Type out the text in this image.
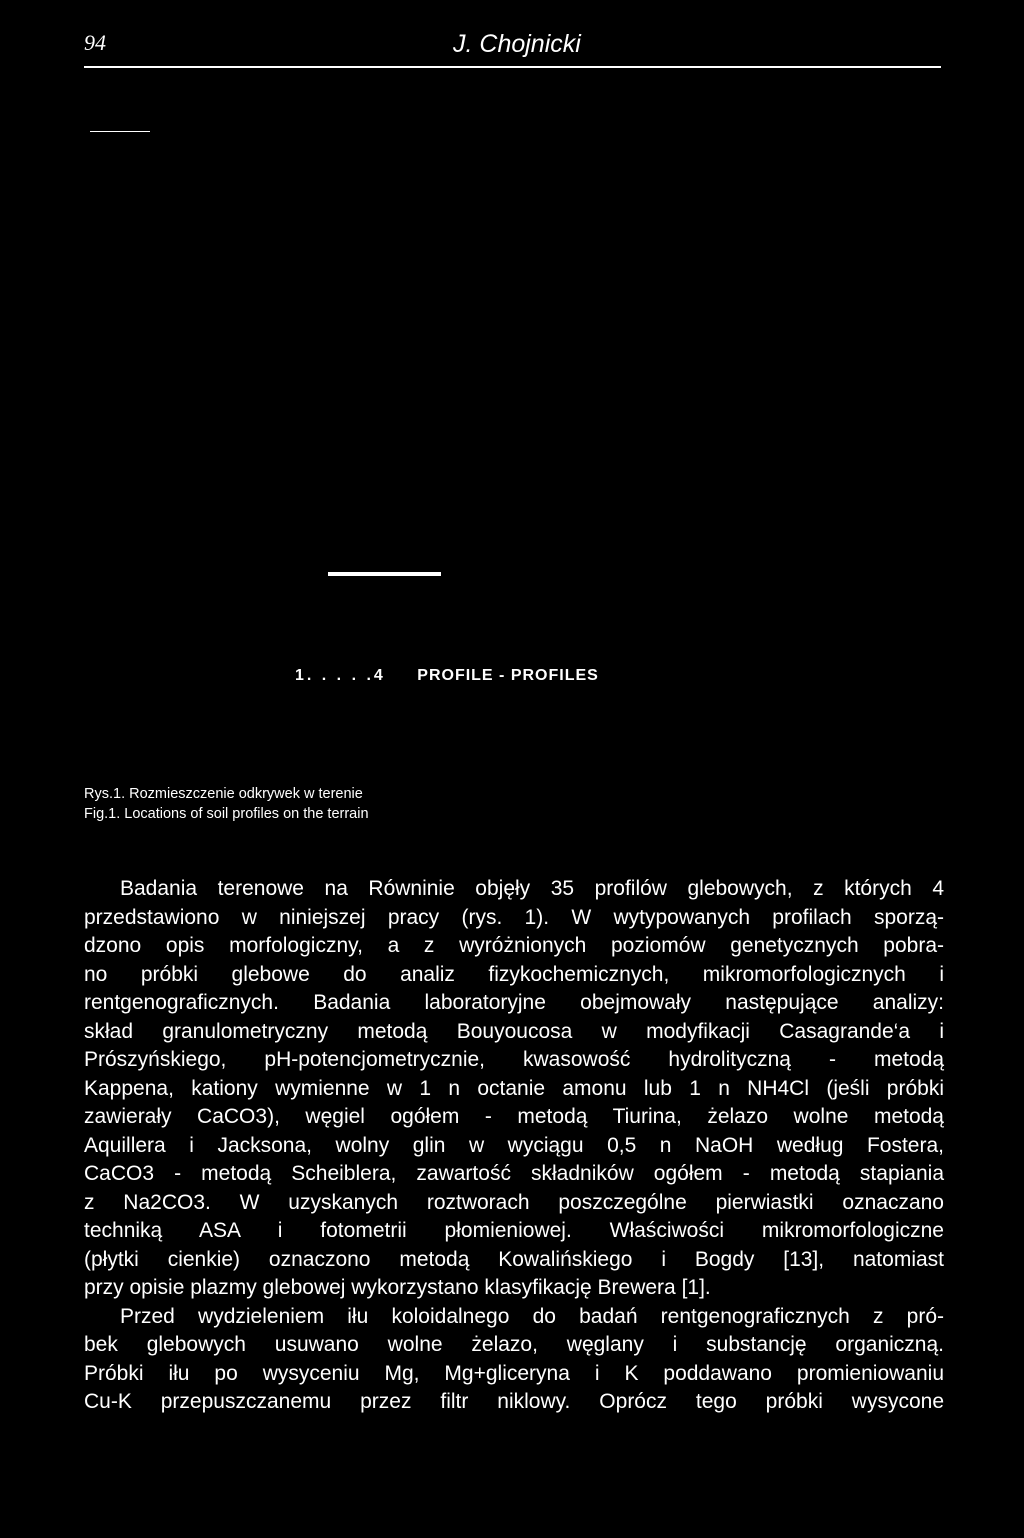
94	J. Chojnicki
1. . . . .4 PROFILE - PROFILES
Rys.1. Rozmieszczenie odkrywek w terenie
Fig.1. Locations of soil profiles on the terrain
Badania terenowe na Równinie objęły 35 profilów glebowych, z których 4
przedstawiono w niniejszej pracy (rys. 1). W wytypowanych profilach sporzą-
dzono opis morfologiczny, a z wyróżnionych poziomów genetycznych pobra-
no próbki glebowe do analiz fizykochemicznych, mikromorfologicznych i
rentgenograficznych. Badania laboratoryjne obejmowały następujące analizy:
skład granulometryczny metodą Bouyoucosa w modyfikacji Casagrande‘a i
Prószyńskiego, pH-potencjometrycznie, kwasowość hydrolityczną - metodą
Kappena, kationy wymienne w 1 n octanie amonu lub 1 n NH4Cl (jeśli próbki
zawierały CaCO3), węgiel ogółem - metodą Tiurina, żelazo wolne metodą
Aquillera i Jacksona, wolny glin w wyciągu 0,5 n NaOH według Fostera,
CaCO3 - metodą Scheiblera, zawartość składników ogółem - metodą stapiania
z Na2CO3. W uzyskanych roztworach poszczególne pierwiastki oznaczano
techniką ASA i fotometrii płomieniowej. Właściwości mikromorfologiczne
(płytki cienkie) oznaczono metodą Kowalińskiego i Bogdy [13], natomiast
przy opisie plazmy glebowej wykorzystano klasyfikację Brewera [1].
Przed wydzieleniem iłu koloidalnego do badań rentgenograficznych z pró-
bek glebowych usuwano wolne żelazo, węglany i substancję organiczną.
Próbki iłu po wysyceniu Mg, Mg+gliceryna i K poddawano promieniowaniu
Cu-K przepuszczanemu przez filtr niklowy. Oprócz tego próbki wysycone
